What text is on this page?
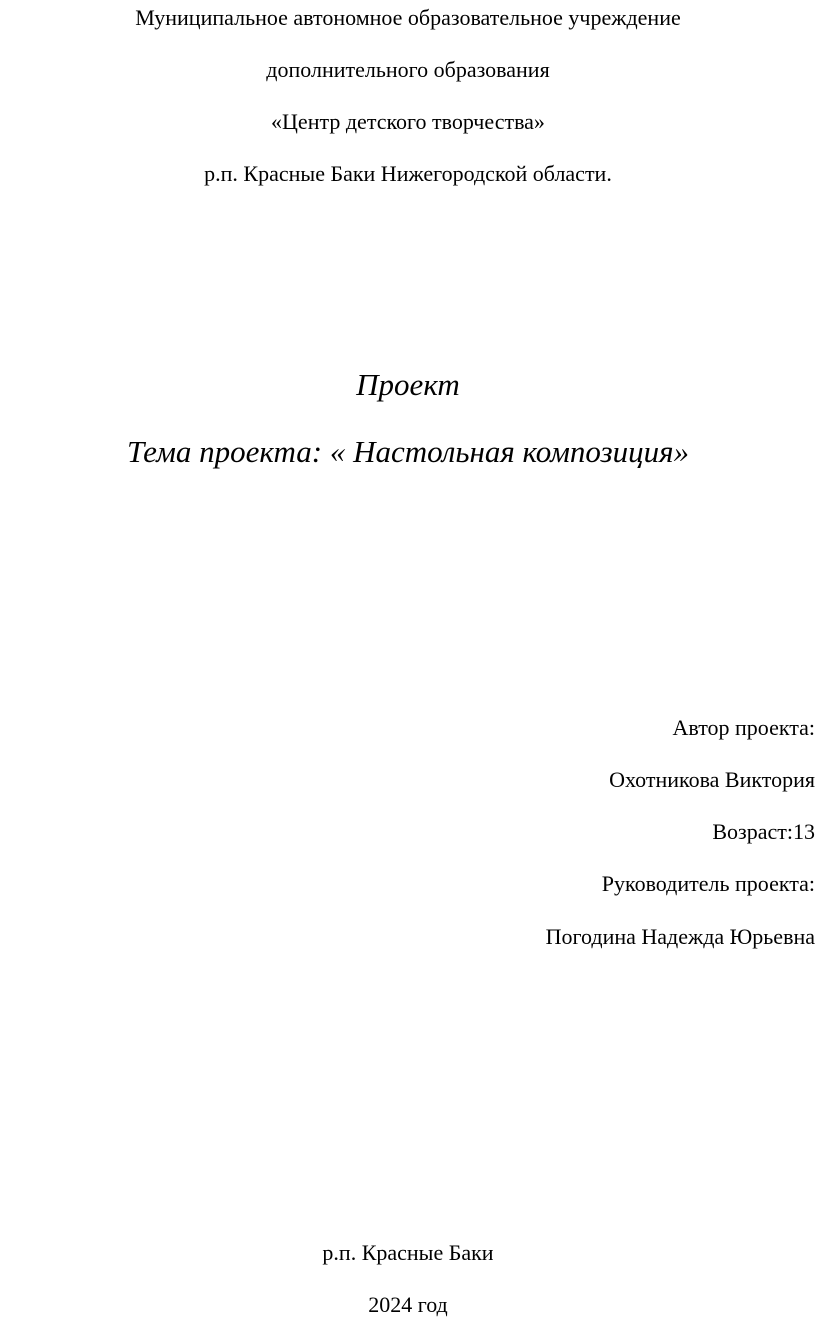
Муниципальное автономное образовательное учреждение
дополнительного образования
«Центр детского творчества»
р.п. Красные Баки Нижегородской области.
Проект
Тема проекта: « Настольная композиция»
Автор проекта:
Охотникова Виктория
Возраст:13
Руководитель проекта:
Погодина Надежда Юрьевна
р.п. Красные Баки
2024 год
